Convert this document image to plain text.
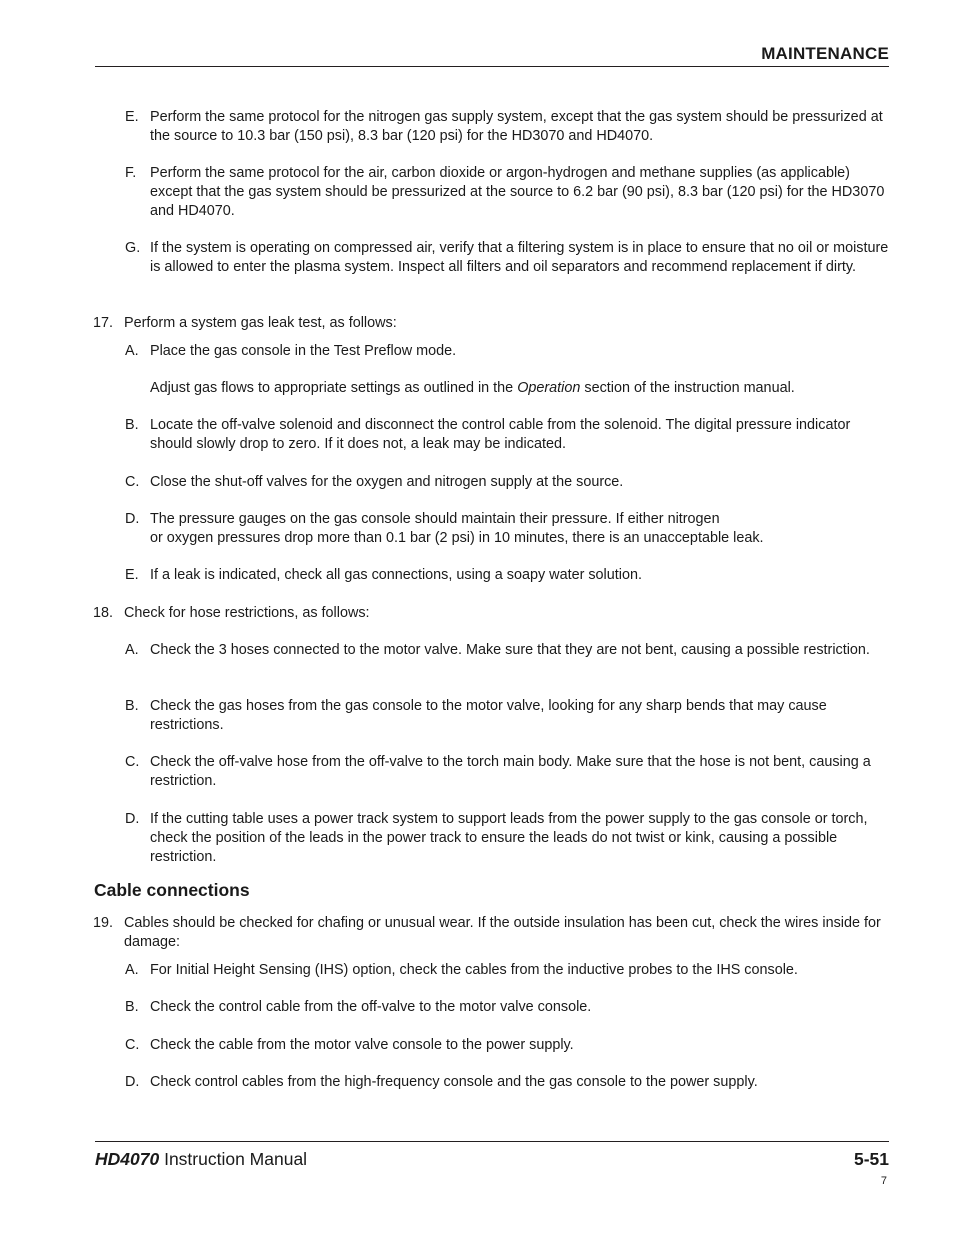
MAINTENANCE
E. Perform the same protocol for the nitrogen gas supply system, except that the gas system should be pressurized at the source to 10.3 bar (150 psi), 8.3 bar (120 psi) for the HD3070 and HD4070.
F. Perform the same protocol for the air, carbon dioxide or argon-hydrogen and methane supplies (as applicable) except that the gas system should be pressurized at the source to 6.2 bar (90 psi), 8.3 bar (120 psi) for the HD3070 and HD4070.
G. If the system is operating on compressed air, verify that a filtering system is in place to ensure that no oil or moisture is allowed to enter the plasma system. Inspect all filters and oil separators and recommend replacement if dirty.
17. Perform a system gas leak test, as follows:
A. Place the gas console in the Test Preflow mode.
Adjust gas flows to appropriate settings as outlined in the Operation section of the instruction manual.
B. Locate the off-valve solenoid and disconnect the control cable from the solenoid. The digital pressure indicator should slowly drop to zero. If it does not, a leak may be indicated.
C. Close the shut-off valves for the oxygen and nitrogen supply at the source.
D. The pressure gauges on the gas console should maintain their pressure. If either nitrogen
or oxygen pressures drop more than 0.1 bar (2 psi) in 10 minutes, there is an unacceptable leak.
E. If a leak is indicated, check all gas connections, using a soapy water solution.
18. Check for hose restrictions, as follows:
A. Check the 3 hoses connected to the motor valve. Make sure that they are not bent, causing a possible restriction.
B. Check the gas hoses from the gas console to the motor valve, looking for any sharp bends that may cause restrictions.
C. Check the off-valve hose from the off-valve to the torch main body. Make sure that the hose is not bent, causing a restriction.
D. If the cutting table uses a power track system to support leads from the power supply to the gas console or torch, check the position of the leads in the power track to ensure the leads do not twist or kink, causing a possible restriction.
Cable connections
19. Cables should be checked for chafing or unusual wear. If the outside insulation has been cut, check the wires inside for damage:
A. For Initial Height Sensing (IHS) option, check the cables from the inductive probes to the IHS console.
B. Check the control cable from the off-valve to the motor valve console.
C. Check the cable from the motor valve console to the power supply.
D. Check control cables from the high-frequency console and the gas console to the power supply.
HD4070 Instruction Manual	5-51
7
